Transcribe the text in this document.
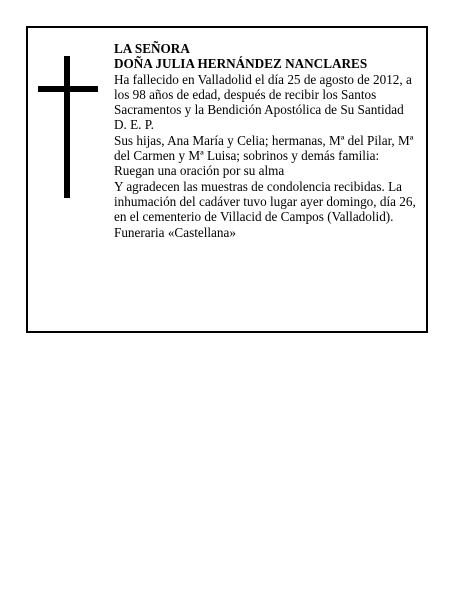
LA SEÑORA
DOÑA JULIA HERNÁNDEZ NANCLARES

Ha fallecido en Valladolid el día 25 de agosto de 2012, a los 98 años de edad, después de recibir los Santos Sacramentos y la Bendición Apostólica de Su Santidad

D. E. P.

Sus hijas, Ana María y Celia; hermanas, Mª del Pilar, Mª del Carmen y Mª Luisa; sobrinos y demás familia:

Ruegan una oración por su alma

Y agradecen las muestras de condolencia recibidas. La inhumación del cadáver tuvo lugar ayer domingo, día 26, en el cementerio de Villacid de Campos (Valladolid).

Funeraria «Castellana»
